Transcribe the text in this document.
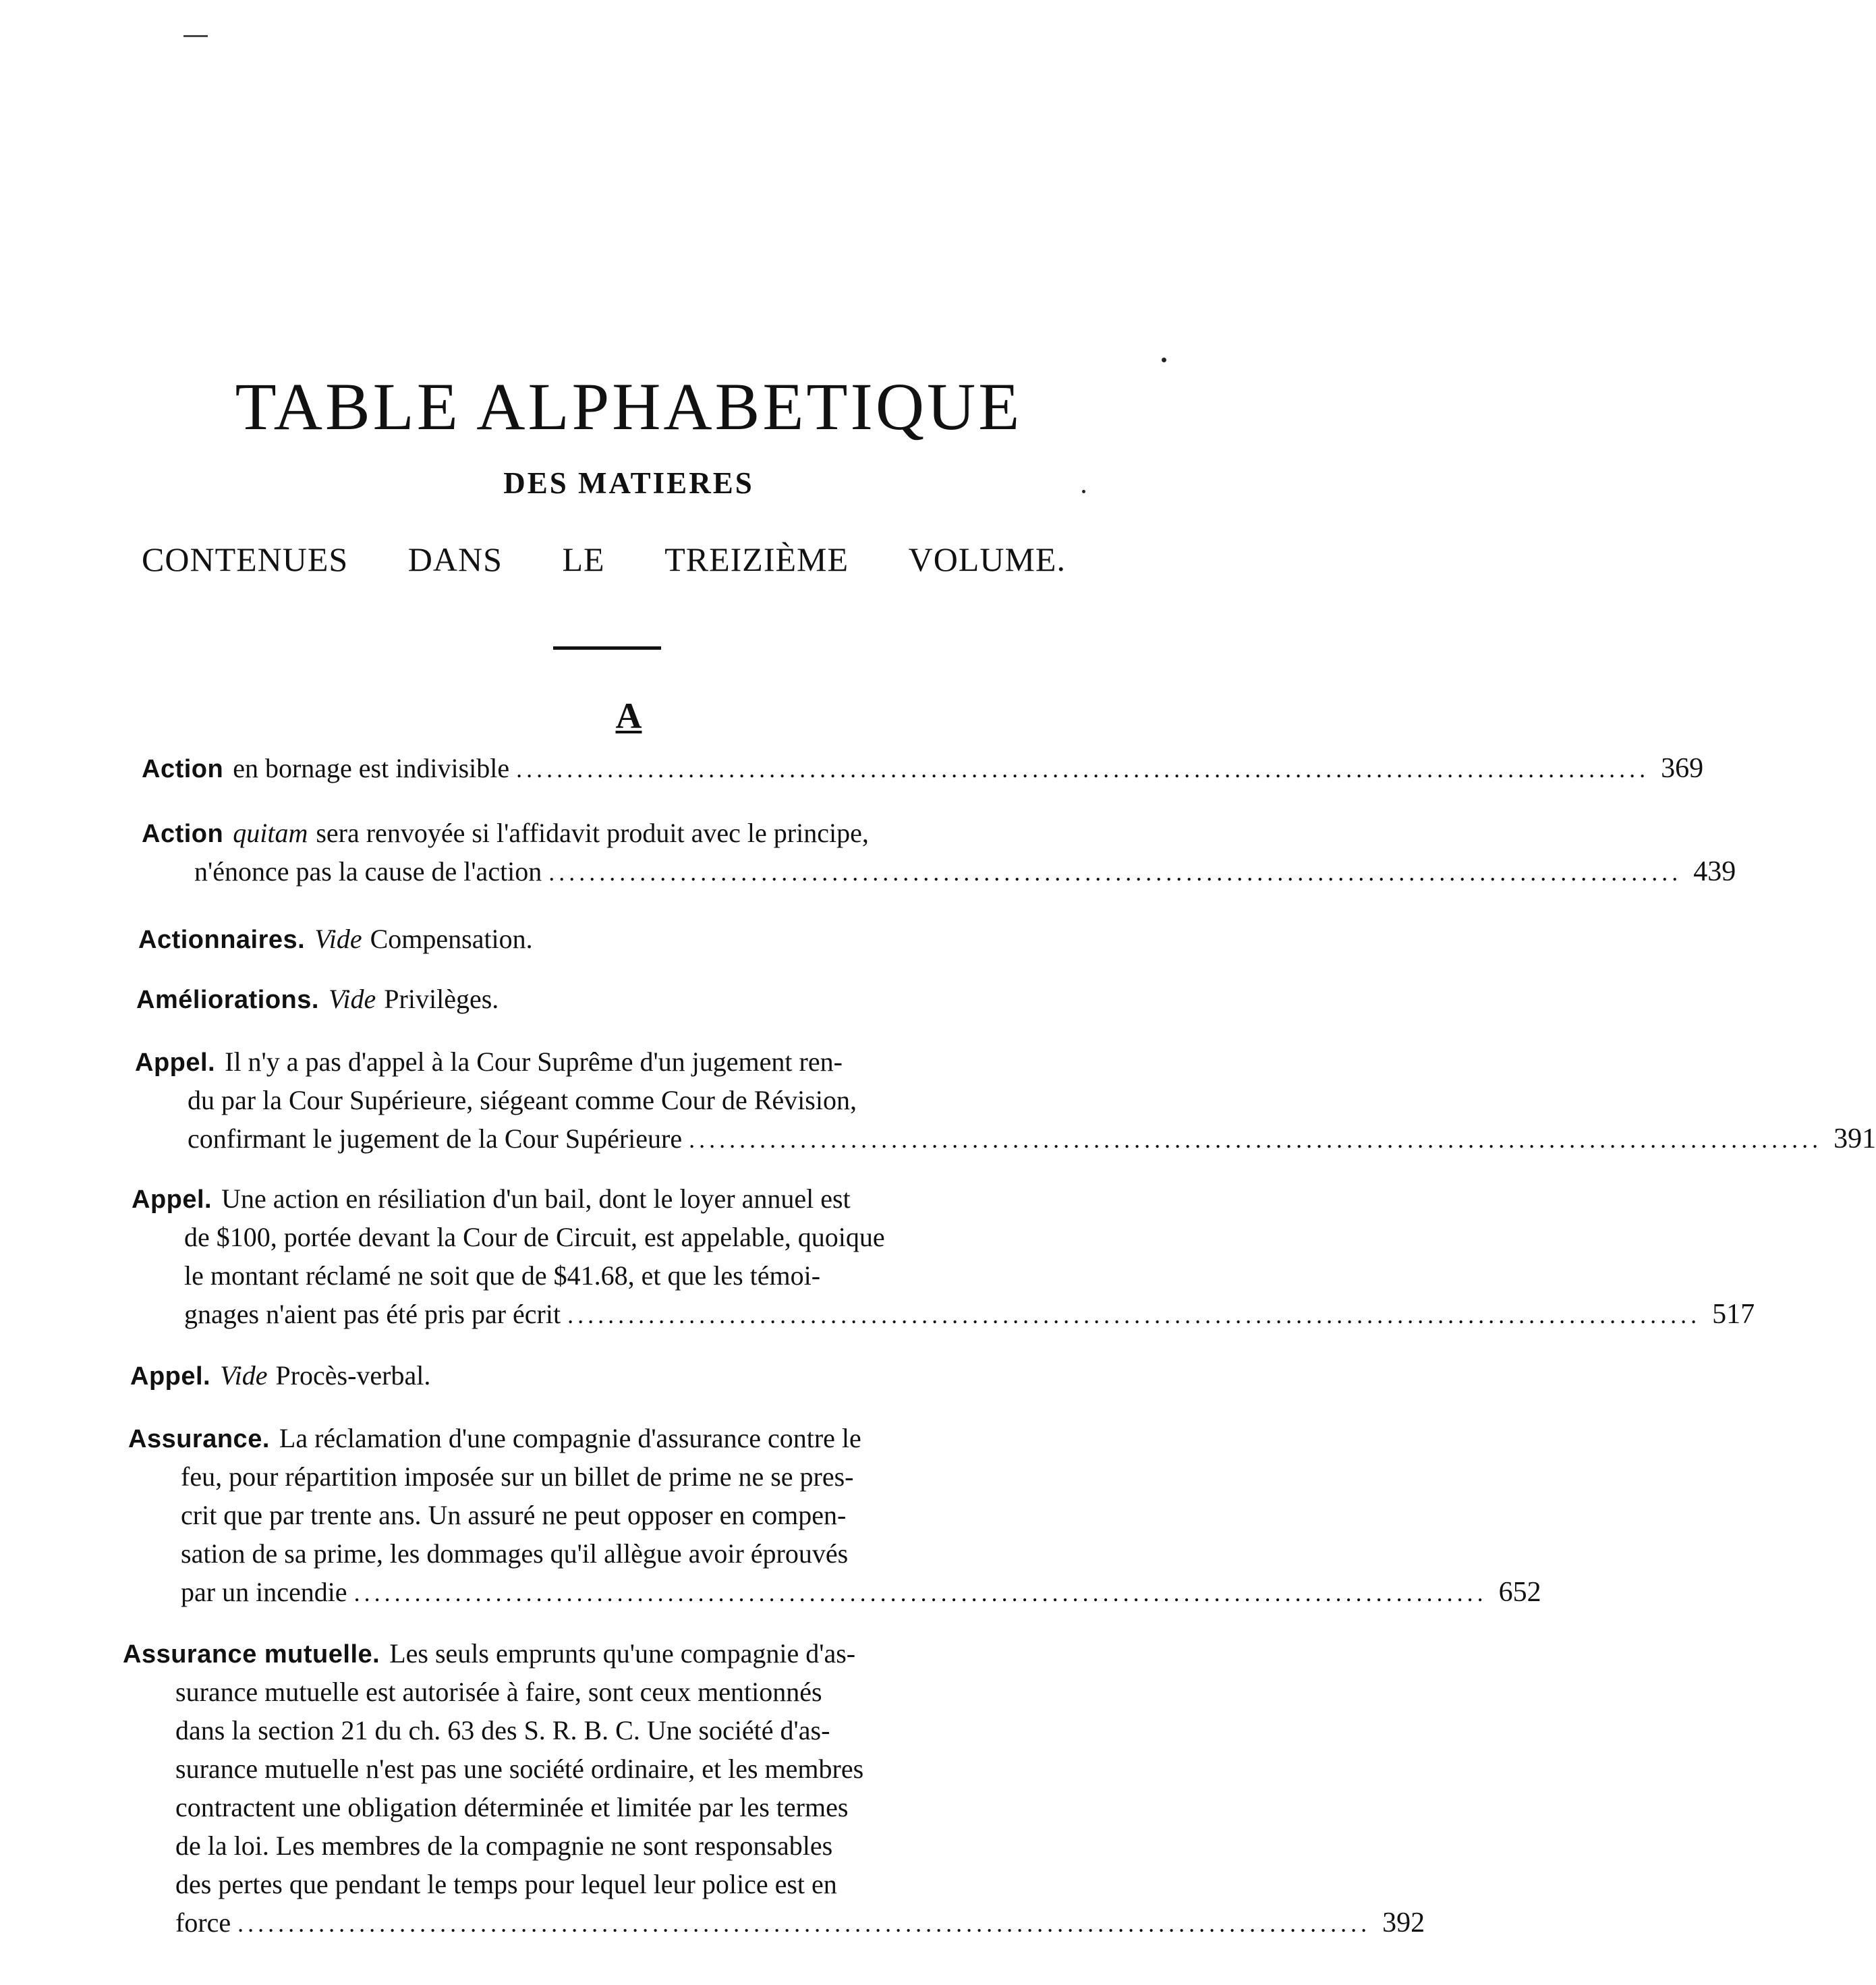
TABLE ALPHABETIQUE
DES MATIERES
CONTENUES DANS LE TREIZIÈME VOLUME.
A
Action en bornage est indivisible ................................................................................................................ 369
Action quitam sera renvoyée si l'affidavit produit avec le principe,
n'énonce pas la cause de l'action ................................................................................................................ 439
Actionnaires. Vide Compensation.
Améliorations. Vide Privilèges.
Appel. Il n'y a pas d'appel à la Cour Suprême d'un jugement ren-
du par la Cour Supérieure, siégeant comme Cour de Révision,
confirmant le jugement de la Cour Supérieure ................................................................................................................ 391
Appel. Une action en résiliation d'un bail, dont le loyer annuel est
de $100, portée devant la Cour de Circuit, est appelable, quoique
le montant réclamé ne soit que de $41.68, et que les témoi-
gnages n'aient pas été pris par écrit ................................................................................................................ 517
Appel. Vide Procès-verbal.
Assurance. La réclamation d'une compagnie d'assurance contre le
feu, pour répartition imposée sur un billet de prime ne se pres-
crit que par trente ans. Un assuré ne peut opposer en compen-
sation de sa prime, les dommages qu'il allègue avoir éprouvés
par un incendie ................................................................................................................ 652
Assurance mutuelle. Les seuls emprunts qu'une compagnie d'as-
surance mutuelle est autorisée à faire, sont ceux mentionnés
dans la section 21 du ch. 63 des S. R. B. C. Une société d'as-
surance mutuelle n'est pas une société ordinaire, et les membres
contractent une obligation déterminée et limitée par les termes
de la loi. Les membres de la compagnie ne sont responsables
des pertes que pendant le temps pour lequel leur police est en
force ................................................................................................................ 392
